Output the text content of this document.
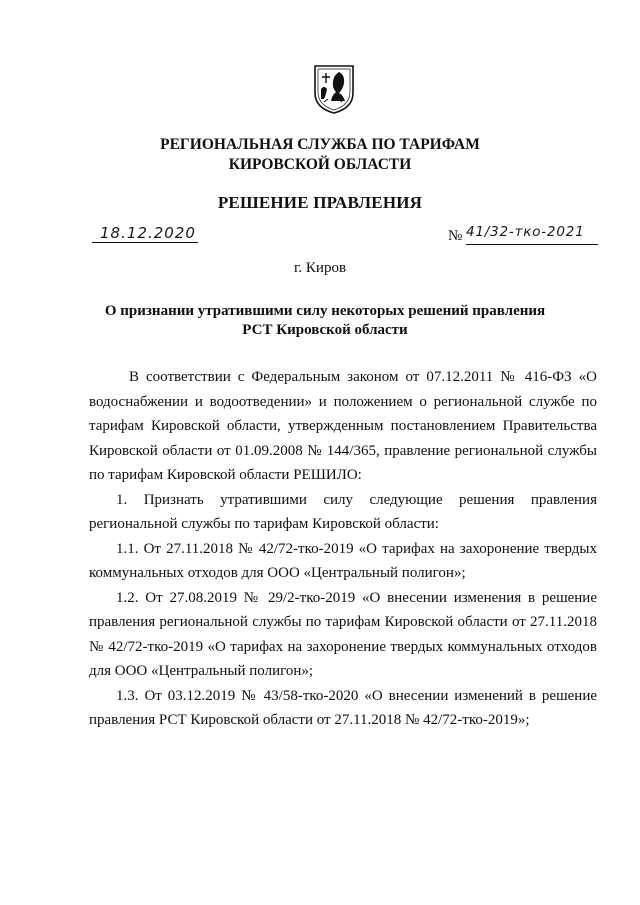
РЕГИОНАЛЬНАЯ СЛУЖБА ПО ТАРИФАМ
КИРОВСКОЙ ОБЛАСТИ
РЕШЕНИЕ ПРАВЛЕНИЯ
18.12.2020	№ 41/32-тко-2021
г. Киров
О признании утратившими силу некоторых решений правления
РСТ Кировской области

В соответствии с Федеральным законом от 07.12.2011 № 416-ФЗ «О водоснабжении и водоотведении» и положением о региональной службе по тарифам Кировской области, утвержденным постановлением Правительства Кировской области от 01.09.2008 № 144/365, правление региональной службы по тарифам Кировской области РЕШИЛО:

1. Признать утратившими силу следующие решения правления региональной службы по тарифам Кировской области:

1.1. От 27.11.2018 № 42/72-тко-2019 «О тарифах на захоронение твердых коммунальных отходов для ООО «Центральный полигон»;

1.2. От 27.08.2019 № 29/2-тко-2019 «О внесении изменения в решение правления региональной службы по тарифам Кировской области от 27.11.2018 № 42/72-тко-2019 «О тарифах на захоронение твердых коммунальных отходов для ООО «Центральный полигон»;

1.3. От 03.12.2019 № 43/58-тко-2020 «О внесении изменений в решение правления РСТ Кировской области от 27.11.2018 № 42/72-тко-2019»;
